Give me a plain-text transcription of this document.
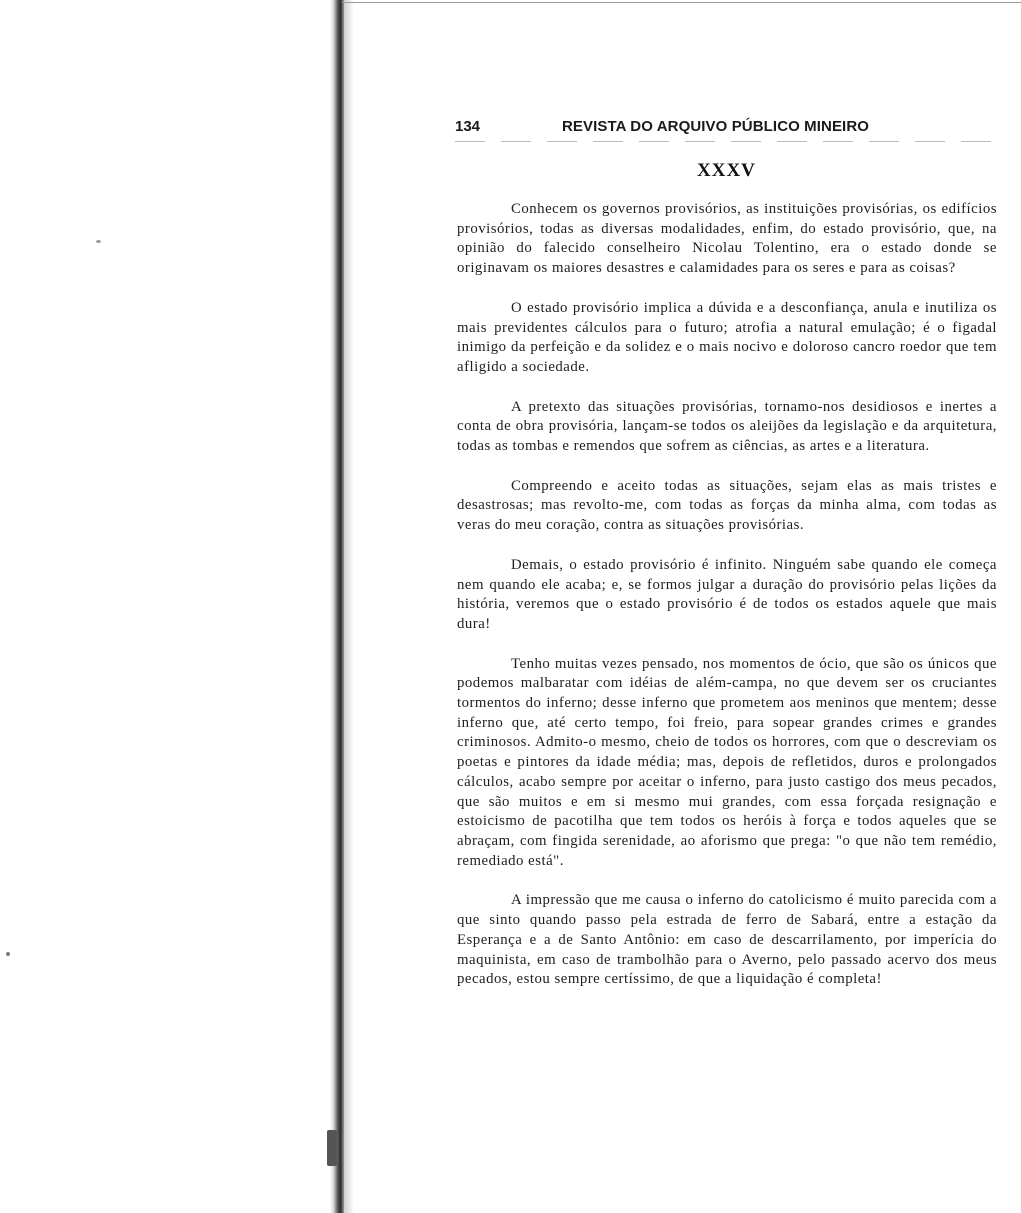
134	REVISTA DO ARQUIVO PÚBLICO MINEIRO
XXXV

Conhecem os governos provisórios, as instituições provisórias, os edifícios provisórios, todas as diversas modalidades, enfim, do estado provisório, que, na opinião do falecido conselheiro Nicolau Tolentino, era o estado donde se originavam os maiores desastres e calamidades para os seres e para as coisas?

O estado provisório implica a dúvida e a desconfiança, anula e inutiliza os mais previdentes cálculos para o futuro; atrofia a natural emulação; é o figadal inimigo da perfeição e da solidez e o mais nocivo e doloroso cancro roedor que tem afligido a sociedade.

A pretexto das situações provisórias, tornamo-nos desidiosos e inertes a conta de obra provisória, lançam-se todos os aleijões da legislação e da arquitetura, todas as tombas e remendos que sofrem as ciências, as artes e a literatura.

Compreendo e aceito todas as situações, sejam elas as mais tristes e desastrosas; mas revolto-me, com todas as forças da minha alma, com todas as veras do meu coração, contra as situações provisórias.

Demais, o estado provisório é infinito. Ninguém sabe quando ele começa nem quando ele acaba; e, se formos julgar a duração do provisório pelas lições da história, veremos que o estado provisório é de todos os estados aquele que mais dura!

Tenho muitas vezes pensado, nos momentos de ócio, que são os únicos que podemos malbaratar com idéias de além-campa, no que devem ser os cruciantes tormentos do inferno; desse inferno que prometem aos meninos que mentem; desse inferno que, até certo tempo, foi freio, para sopear grandes crimes e grandes criminosos. Admito-o mesmo, cheio de todos os horrores, com que o descreviam os poetas e pintores da idade média; mas, depois de refletidos, duros e prolongados cálculos, acabo sempre por aceitar o inferno, para justo castigo dos meus pecados, que são muitos e em si mesmo mui grandes, com essa forçada resignação e estoicismo de pacotilha que tem todos os heróis à força e todos aqueles que se abraçam, com fingida serenidade, ao aforismo que prega: "o que não tem remédio, remediado está".

A impressão que me causa o inferno do catolicismo é muito parecida com a que sinto quando passo pela estrada de ferro de Sabará, entre a estação da Esperança e a de Santo Antônio: em caso de descarrilamento, por imperícia do maquinista, em caso de trambolhão para o Averno, pelo passado acervo dos meus pecados, estou sempre certíssimo, de que a liquidação é completa!
